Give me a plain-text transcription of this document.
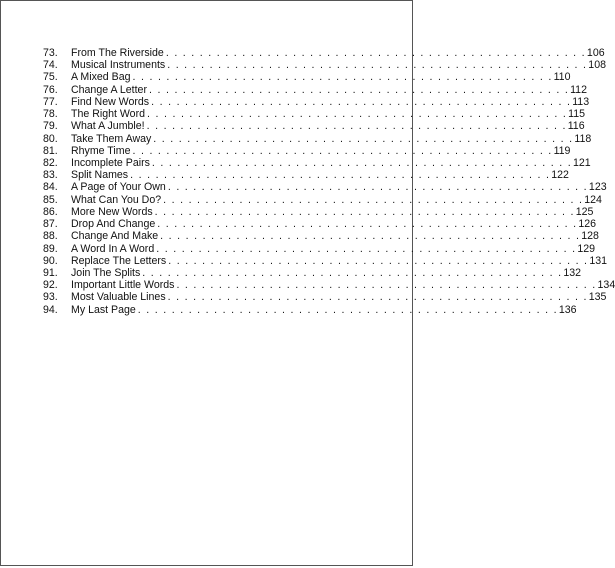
73.	From The Riverside . . . . . . . . . . . . . . . . . . . . . . . . . . . . . . . . . . . . . . . . . . . . . . . . . . 106
74.	Musical Instruments . . . . . . . . . . . . . . . . . . . . . . . . . . . . . . . . . . . . . . . . . . . . . . . . . . 108
75.	A Mixed Bag . . . . . . . . . . . . . . . . . . . . . . . . . . . . . . . . . . . . . . . . . . . . . . . . . . 110
76.	Change A Letter . . . . . . . . . . . . . . . . . . . . . . . . . . . . . . . . . . . . . . . . . . . . . . . . . . 112
77.	Find New Words . . . . . . . . . . . . . . . . . . . . . . . . . . . . . . . . . . . . . . . . . . . . . . . . . . 113
78.	The Right Word . . . . . . . . . . . . . . . . . . . . . . . . . . . . . . . . . . . . . . . . . . . . . . . . . . 115
79.	What A Jumble! . . . . . . . . . . . . . . . . . . . . . . . . . . . . . . . . . . . . . . . . . . . . . . . . . . 116
80.	Take Them Away . . . . . . . . . . . . . . . . . . . . . . . . . . . . . . . . . . . . . . . . . . . . . . . . . . 118
81.	Rhyme Time . . . . . . . . . . . . . . . . . . . . . . . . . . . . . . . . . . . . . . . . . . . . . . . . . . 119
82.	Incomplete Pairs . . . . . . . . . . . . . . . . . . . . . . . . . . . . . . . . . . . . . . . . . . . . . . . . . . 121
83.	Split Names . . . . . . . . . . . . . . . . . . . . . . . . . . . . . . . . . . . . . . . . . . . . . . . . . . 122
84.	A Page of Your Own . . . . . . . . . . . . . . . . . . . . . . . . . . . . . . . . . . . . . . . . . . . . . . . . . . 123
85.	What Can You Do? . . . . . . . . . . . . . . . . . . . . . . . . . . . . . . . . . . . . . . . . . . . . . . . . . . 124
86.	More New Words . . . . . . . . . . . . . . . . . . . . . . . . . . . . . . . . . . . . . . . . . . . . . . . . . . 125
87.	Drop And Change . . . . . . . . . . . . . . . . . . . . . . . . . . . . . . . . . . . . . . . . . . . . . . . . . . 126
88.	Change And Make . . . . . . . . . . . . . . . . . . . . . . . . . . . . . . . . . . . . . . . . . . . . . . . . . . 128
89.	A Word In A Word . . . . . . . . . . . . . . . . . . . . . . . . . . . . . . . . . . . . . . . . . . . . . . . . . . 129
90.	Replace The Letters . . . . . . . . . . . . . . . . . . . . . . . . . . . . . . . . . . . . . . . . . . . . . . . . . . 131
91.	Join The Splits . . . . . . . . . . . . . . . . . . . . . . . . . . . . . . . . . . . . . . . . . . . . . . . . . . 132
92.	Important Little Words . . . . . . . . . . . . . . . . . . . . . . . . . . . . . . . . . . . . . . . . . . . . . . . . . . 134
93.	Most Valuable Lines . . . . . . . . . . . . . . . . . . . . . . . . . . . . . . . . . . . . . . . . . . . . . . . . . . 135
94.	My Last Page . . . . . . . . . . . . . . . . . . . . . . . . . . . . . . . . . . . . . . . . . . . . . . . . . . 136
